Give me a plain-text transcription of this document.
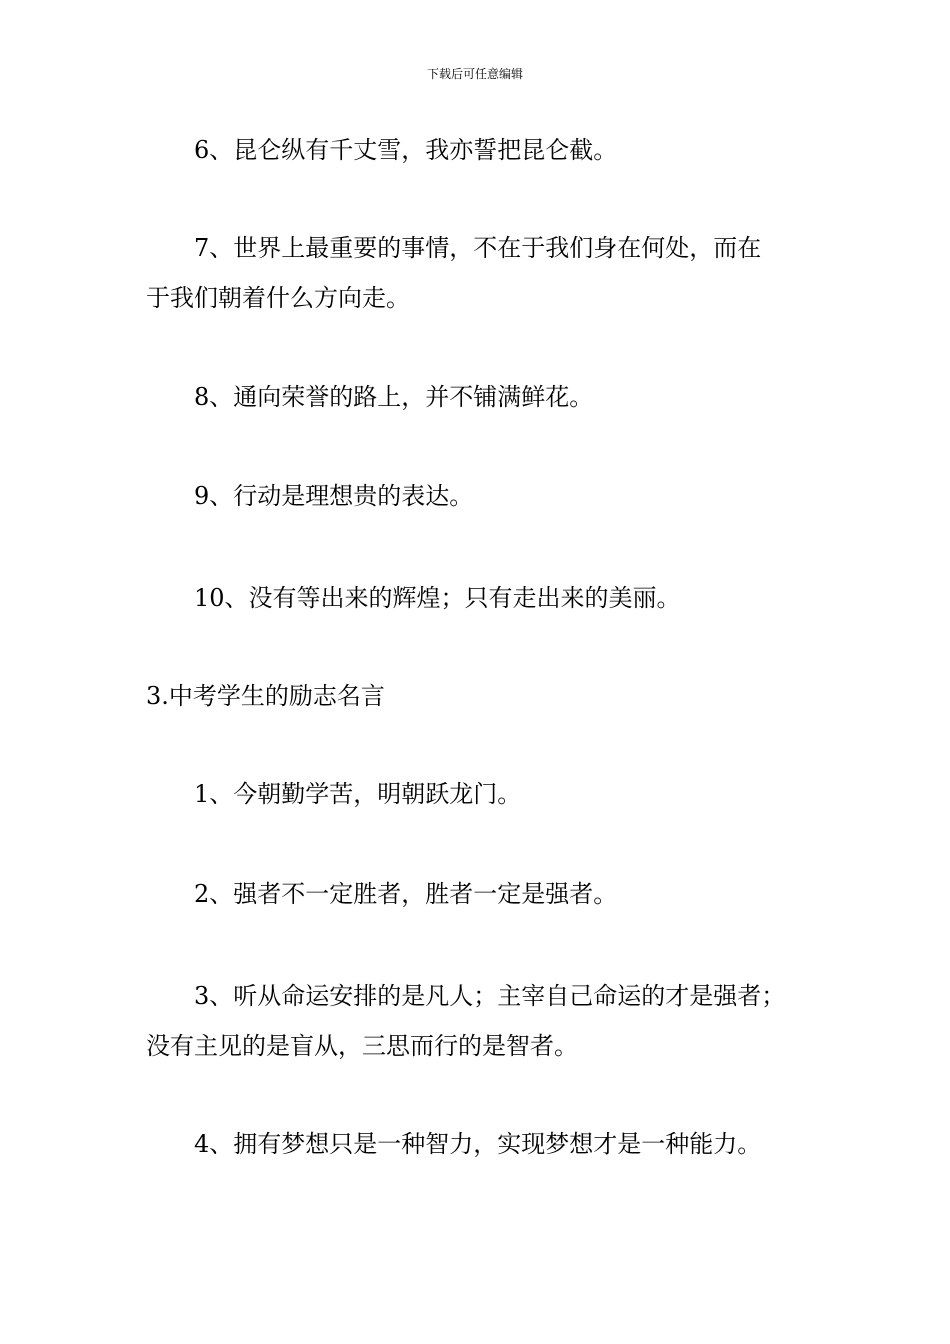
下载后可任意编辑

6、昆仑纵有千丈雪，我亦誓把昆仑截。

7、世界上最重要的事情，不在于我们身在何处，而在

于我们朝着什么方向走。

8、通向荣誉的路上，并不铺满鲜花。

9、行动是理想贵的表达。

10、没有等出来的辉煌；只有走出来的美丽。

3.中考学生的励志名言

1、今朝勤学苦，明朝跃龙门。

2、强者不一定胜者，胜者一定是强者。

3、听从命运安排的是凡人；主宰自己命运的才是强者；

没有主见的是盲从，三思而行的是智者。

4、拥有梦想只是一种智力，实现梦想才是一种能力。
